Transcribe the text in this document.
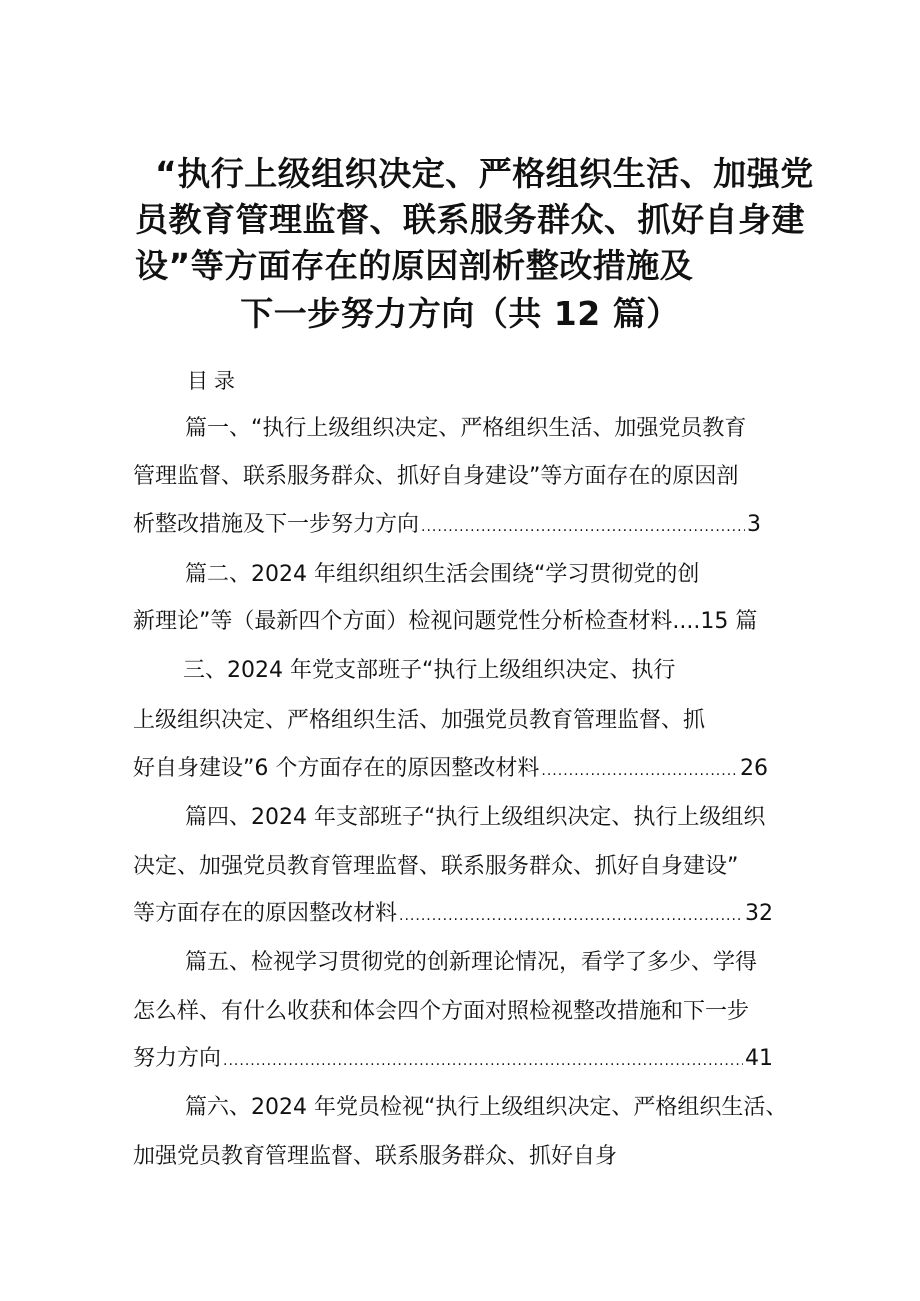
“执行上级组织决定、严格组织生活、加强党
员教育管理监督、联系服务群众、抓好自身建
设”等方面存在的原因剖析整改措施及
下一步努力方向（共 12 篇）
目录
篇一、“执行上级组织决定、严格组织生活、加强党员教育
管理监督、联系服务群众、抓好自身建设”等方面存在的原因剖
析整改措施及下一步努力方向 .....	3
篇二、2024 年组织组织生活会围绕“学习贯彻党的创
新理论”等（最新四个方面）检视问题党性分析检查材料....15 篇
三、2024 年党支部班子“执行上级组织决定、执行
上级组织决定、严格组织生活、加强党员教育管理监督、抓
好自身建设”6 个方面存在的原因整改材料 .....	26
篇四、2024 年支部班子“执行上级组织决定、执行上级组织
决定、加强党员教育管理监督、联系服务群众、抓好自身建设”
等方面存在的原因整改材料 .....	32
篇五、检视学习贯彻党的创新理论情况，看学了多少、学得
怎么样、有什么收获和体会四个方面对照检视整改措施和下一步
努力方向 .....	41
篇六、2024 年党员检视“执行上级组织决定、严格组织生活、
加强党员教育管理监督、联系服务群众、抓好自身
